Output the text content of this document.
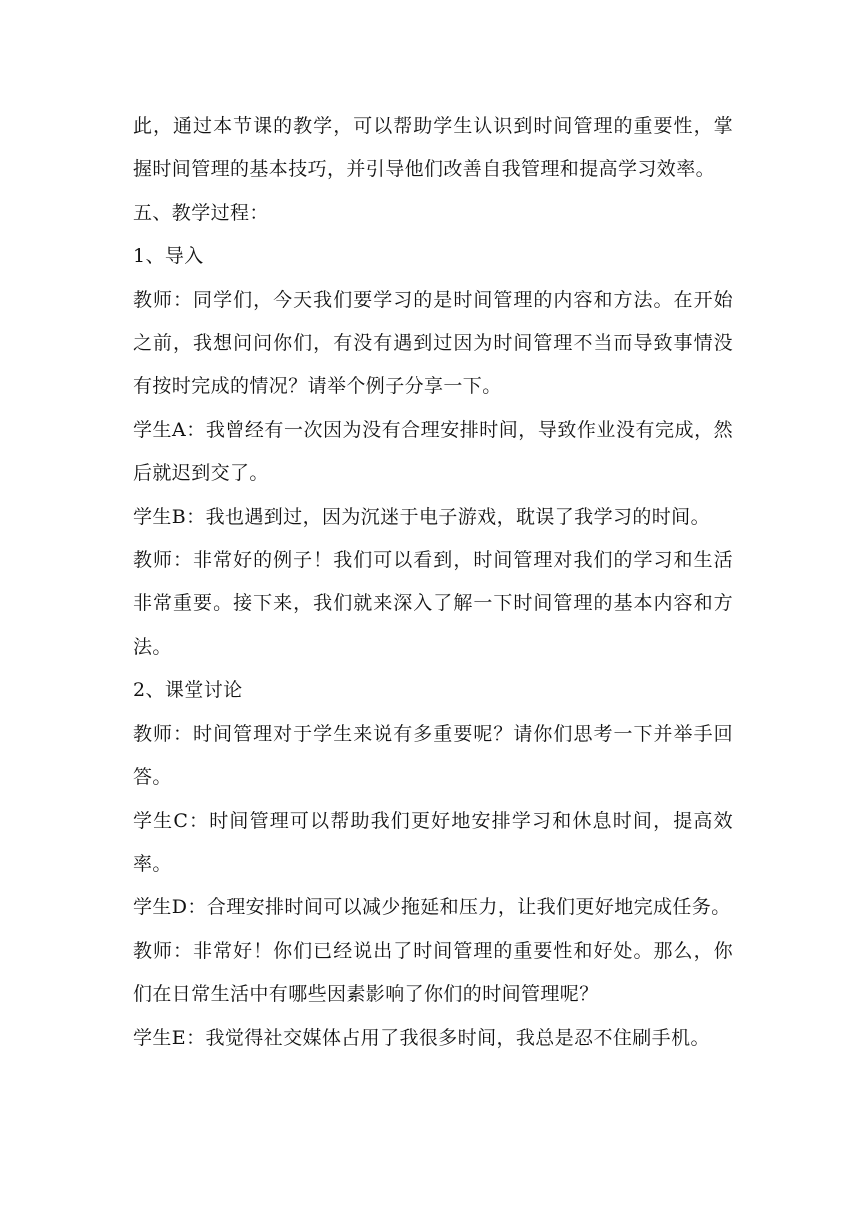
此，通过本节课的教学，可以帮助学生认识到时间管理的重要性，掌握时间管理的基本技巧，并引导他们改善自我管理和提高学习效率。

五、教学过程：

1、导入

教师：同学们，今天我们要学习的是时间管理的内容和方法。在开始之前，我想问问你们，有没有遇到过因为时间管理不当而导致事情没有按时完成的情况？请举个例子分享一下。

学生A：我曾经有一次因为没有合理安排时间，导致作业没有完成，然后就迟到交了。

学生B：我也遇到过，因为沉迷于电子游戏，耽误了我学习的时间。

教师：非常好的例子！我们可以看到，时间管理对我们的学习和生活非常重要。接下来，我们就来深入了解一下时间管理的基本内容和方法。

2、课堂讨论

教师：时间管理对于学生来说有多重要呢？请你们思考一下并举手回答。

学生C：时间管理可以帮助我们更好地安排学习和休息时间，提高效率。

学生D：合理安排时间可以减少拖延和压力，让我们更好地完成任务。

教师：非常好！你们已经说出了时间管理的重要性和好处。那么，你们在日常生活中有哪些因素影响了你们的时间管理呢？

学生E：我觉得社交媒体占用了我很多时间，我总是忍不住刷手机。
